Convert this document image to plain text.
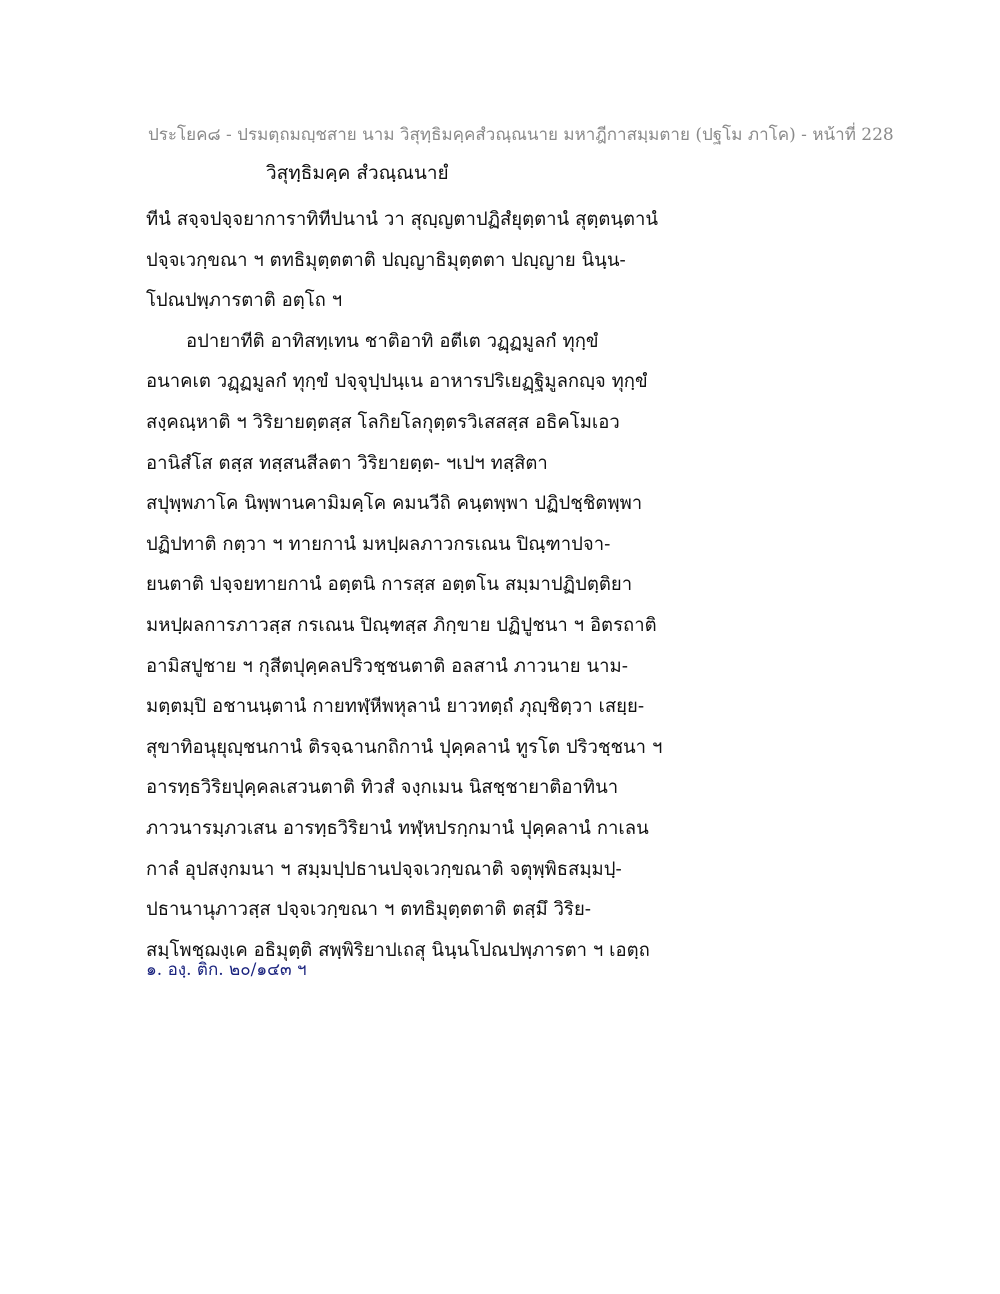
ประโยค๘ - ปรมตฺถมญฺชสาย นาม วิสุทฺธิมคฺคสํวณฺณนาย มหาฎีกาสมฺมตาย (ปฐโม ภาโค) - หน้าที่ 228
วิสุทฺธิมคฺค สํวณฺณนายํ
ทีนํ สจฺจปจฺจยาการาทิทีปนานํ วา สุญฺญตาปฏิสํยุตฺตานํ สุตฺตนฺตานํ
ปจฺจเวกฺขณา ฯ ตทธิมุตฺตตาติ ปญฺญาธิมุตฺตตา ปญฺญาย นินฺน-
โปณปพฺภารตาติ อตฺโถ ฯ
อปายาทีติ อาทิสทฺเทน ชาติอาทิ อตีเต วฏฺฏมูลกํ ทุกฺขํ
อนาคเต วฏฺฏมูลกํ ทุกฺขํ ปจฺจุปฺปนฺเน อาหารปริเยฏฺฐิมูลกญฺจ ทุกฺขํ
สงฺคณฺหาติ ฯ วิริยายตฺตสฺส โลกิยโลกุตฺตรวิเสสสฺส อธิคโมเอว
อานิสํโส ตสฺส ทสฺสนสีลตา วิริยายตฺต- ฯเปฯ ทสฺสิตา
สปุพฺพภาโค นิพฺพานคามิมคฺโค คมนวีถิ คนฺตพฺพา ปฏิปชฺชิตพฺพา
ปฏิปทาติ กตฺวา ฯ ทายกานํ มหปฺผลภาวกรเณน ปิณฺฑาปจา-
ยนตาติ ปจฺจยทายกานํ อตฺตนิ การสฺส อตฺตโน สมฺมาปฏิปตฺติยา
มหปฺผลการภาวสฺส กรเณน ปิณฺฑสฺส ภิกฺขาย ปฏิปูชนา ฯ อิตรถาติ
อามิสปูชาย ฯ กุสีตปุคฺคลปริวชฺชนตาติ อลสานํ ภาวนาย นาม-
มตฺตมฺปิ อชานนฺตานํ กายทฬฺหีพหุลานํ ยาวทตฺถํ ภุญฺชิตฺวา เสยฺย-
สุขาทิอนุยุญฺชนกานํ ติรจฺฉานกถิกานํ ปุคฺคลานํ ทูรโต ปริวชฺชนา ฯ
อารทฺธวิริยปุคฺคลเสวนตาติ ทิวสํ จงฺกเมน นิสชฺชายาติอาทินา
ภาวนารมฺภวเสน อารทฺธวิริยานํ ทฬฺหปรกฺกมานํ ปุคฺคลานํ กาเลน
กาลํ อุปสงฺกมนา ฯ สมฺมปฺปธานปจฺจเวกฺขณาติ จตุพฺพิธสมฺมปฺ-
ปธานานุภาวสฺส ปจฺจเวกฺขณา ฯ ตทธิมุตฺตตาติ ตสฺมึ วิริย-
สมฺโพชฺฌงฺเค อธิมุตฺติ สพฺพิริยาปเถสุ นินฺนโปณปพฺภารตา ฯ เอตฺถ
๑. องฺ. ติก. ๒๐/๑๔๓ ฯ
